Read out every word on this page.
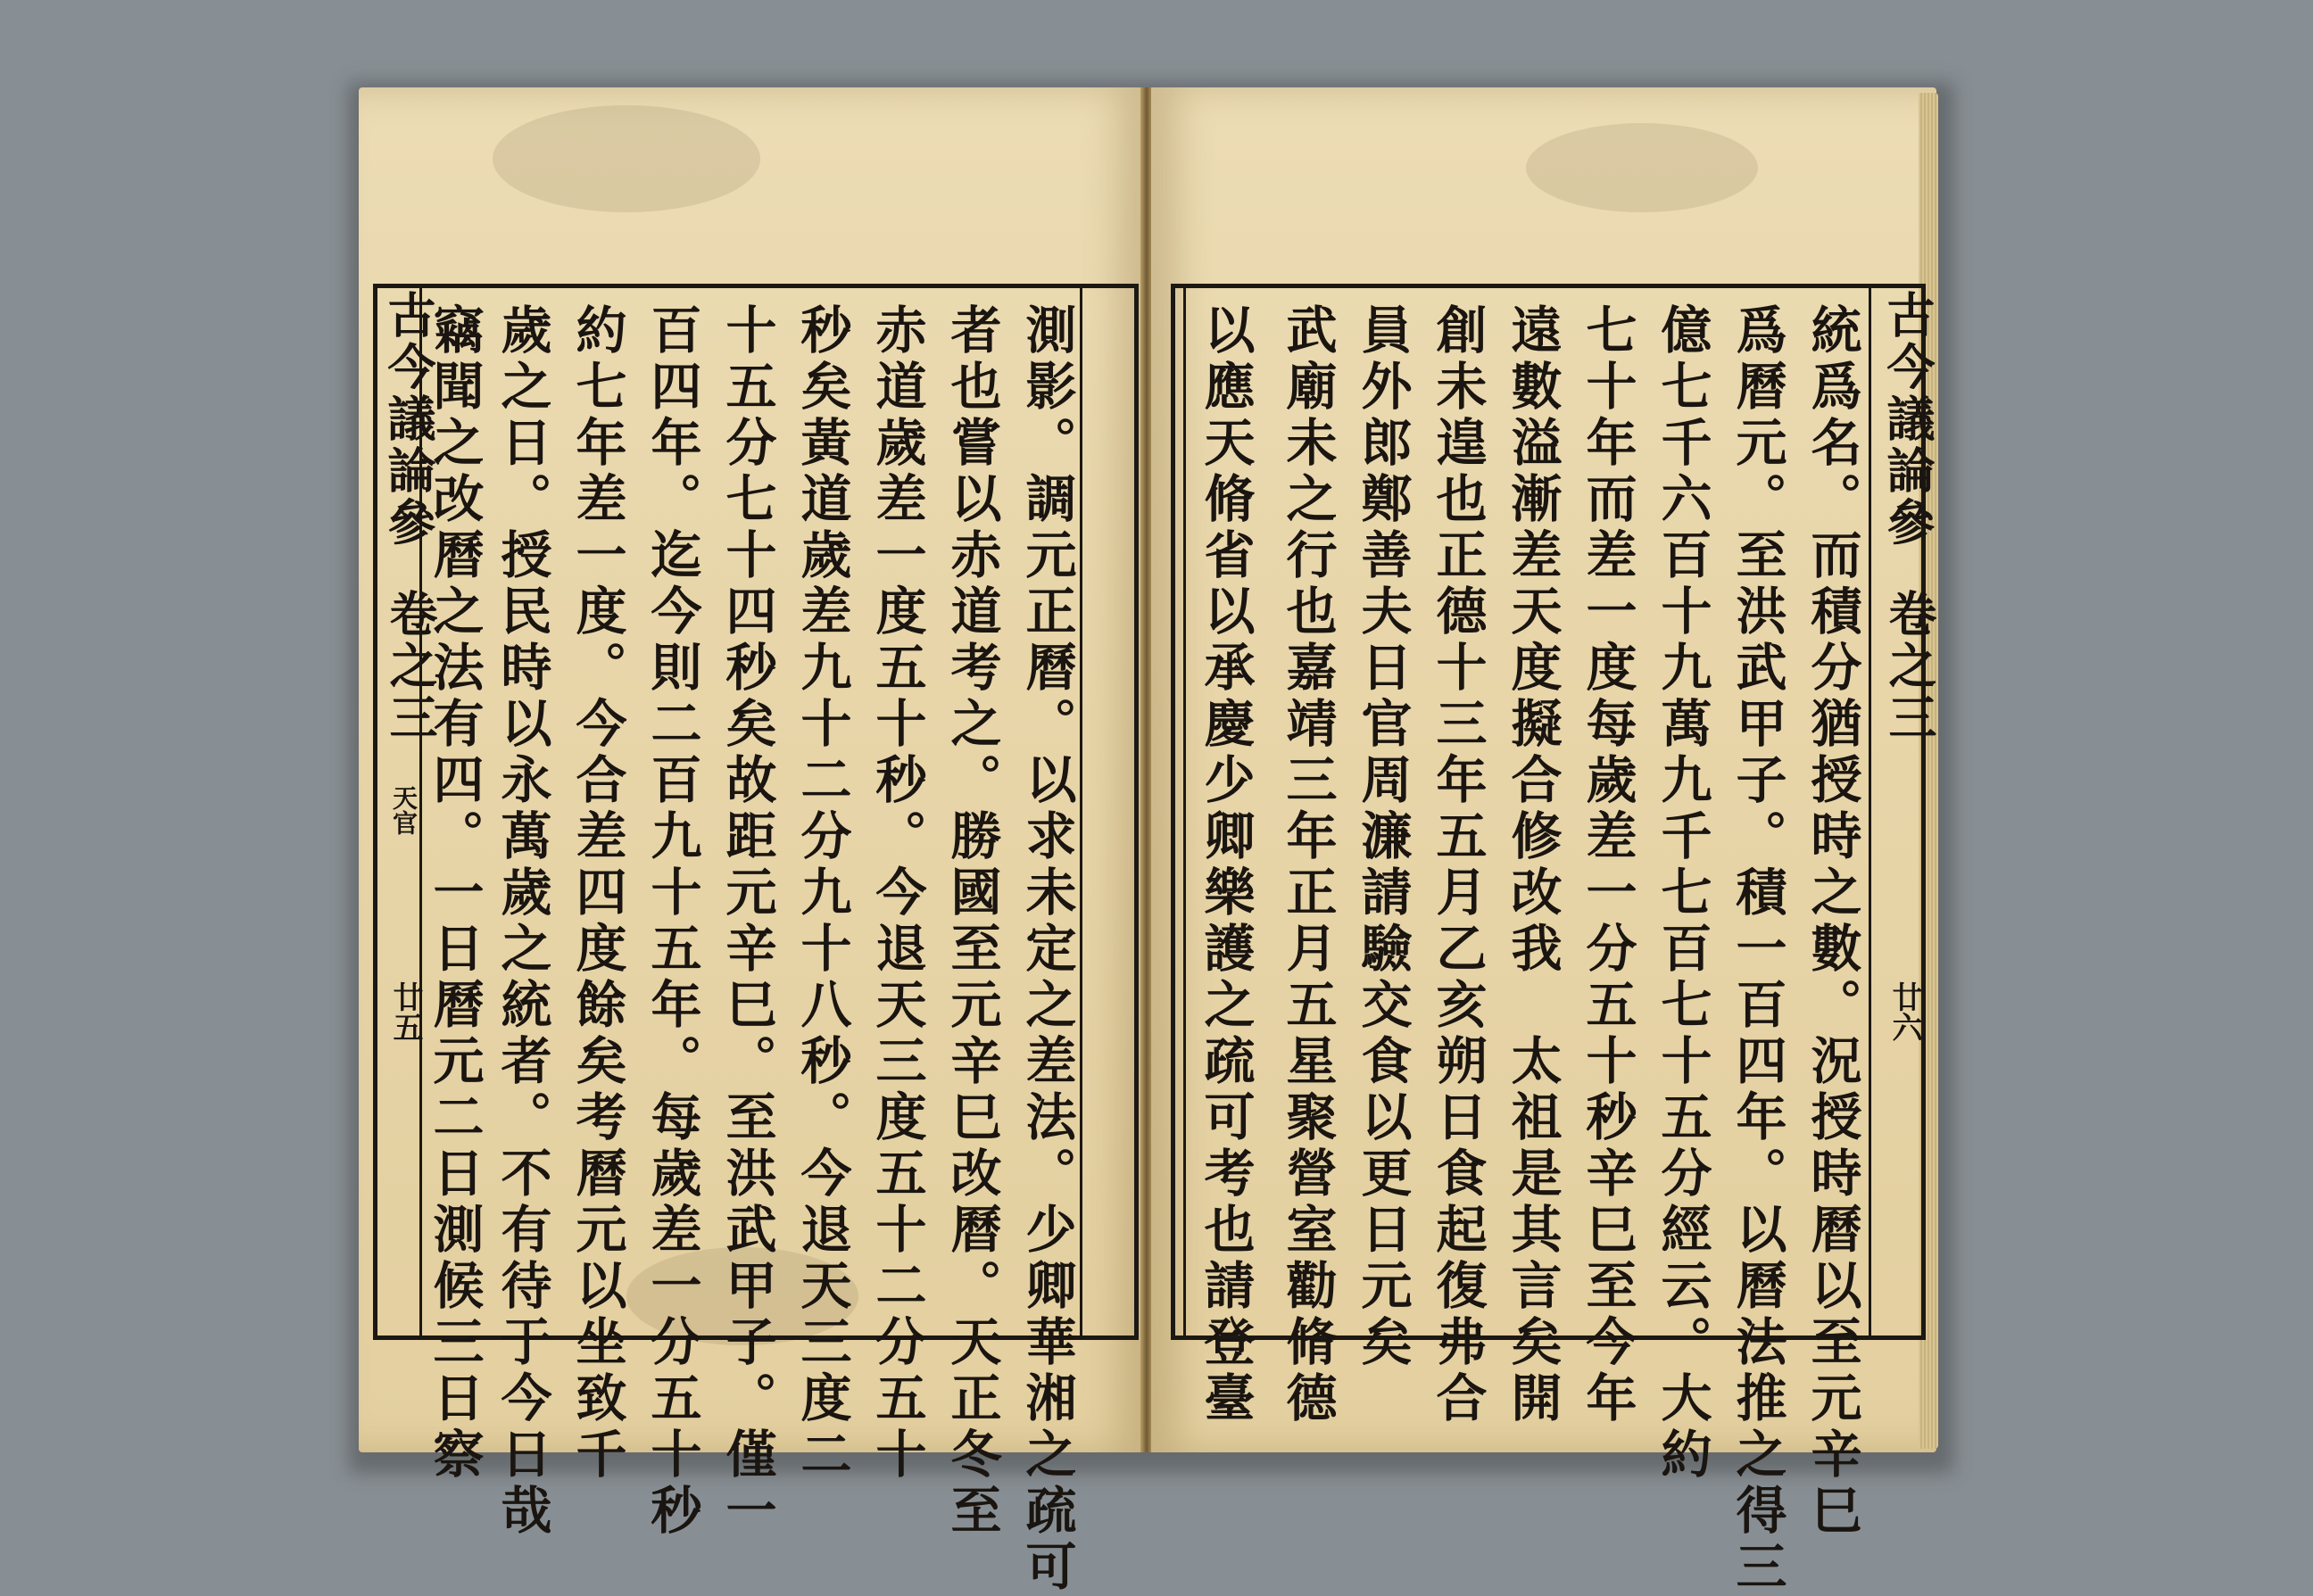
古今議論參
卷之三
天官
廿五	測影。調元正曆。以求未定之差法。少卿華湘之疏可
者也嘗以赤道考之。勝國至元辛巳改曆。天正冬至
赤道歲差一度五十秒。今退天三度五十二分五十
秒矣黃道歲差九十二分九十八秒。今退天三度二
十五分七十四秒矣故距元辛巳。至洪武甲子。僅一
百四年。迄今則二百九十五年。每歲差一分五十秒
約七年差一度。今合差四度餘矣考曆元以坐致千
歲之日。授民時以永萬歲之統者。不有待于今日哉
竊聞之改曆之法有四。一日曆元二日測候三日察	古今議論參
卷之三
廿六
統爲名。而積分猶授時之數。況授時曆以至元辛巳
爲曆元。至洪武甲子。積一百四年。以曆法推之得三
億七千六百十九萬九千七百七十五分經云。大約
七十年而差一度每歲差一分五十秒辛巳至今年
遠數溢漸差天度擬合修改我　太祖是其言矣開
創未遑也正德十三年五月乙亥朔日食起復弗合
員外郎鄭善夫日官周濂請驗交食以更日元矣
武廟未之行也嘉靖三年正月五星聚營室勸脩德
以應天脩省以承慶少卿樂護之疏可考也請登臺
